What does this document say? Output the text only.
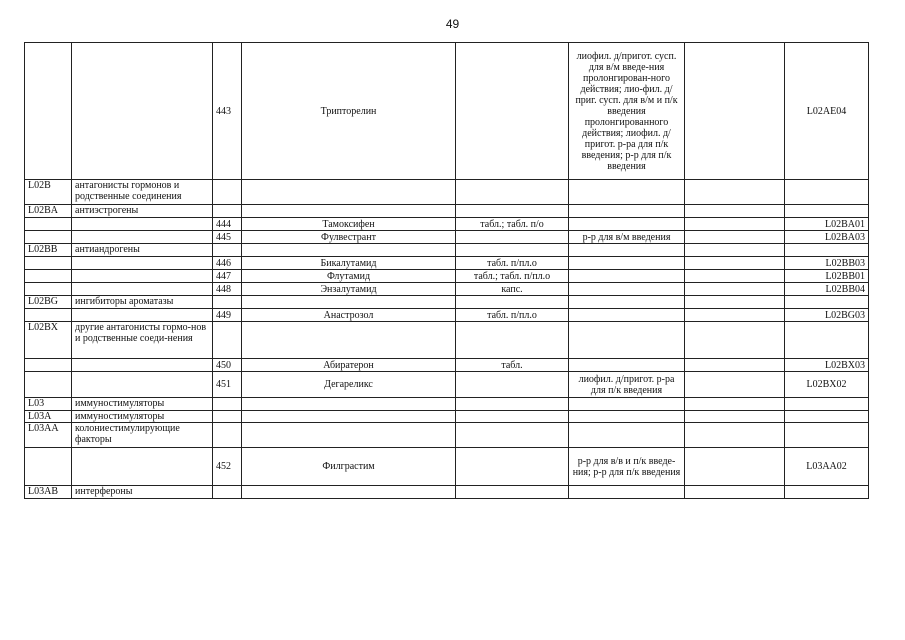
49
		443	Трипторелин		лиофил. д/пригот. сусп. для в/м введе-ния пролонгирован-ного действия; лио-фил. д/приг. сусп. для в/м и п/к введения пролонгированного действия; лиофил. д/пригот. р-ра для п/к введения; р-р для п/к введения		L02AE04
L02B	антагонисты гормонов и родственные соединения						
L02BA	антиэстрогены						
		444	Тамоксифен	табл.; табл. п/о			L02BA01
		445	Фулвестрант		р-р для в/м введения		L02BA03
L02BB	антиандрогены						
		446	Бикалутамид	табл. п/пл.о			L02BB03
		447	Флутамид	табл.; табл. п/пл.о			L02BB01
		448	Энзалутамид	капс.			L02BB04
L02BG	ингибиторы ароматазы						
		449	Анастрозол	табл. п/пл.о			L02BG03
L02BX	другие антагонисты гормо-нов и родственные соеди-нения						
		450	Абиратерон	табл.			L02BX03
		451	Дегареликс		лиофил. д/пригот. р-ра для п/к введения		L02BX02
L03	иммуностимуляторы						
L03A	иммуностимуляторы						
L03AA	колониестимулирующие факторы						
		452	Филграстим		р-р для в/в и п/к введе-ния; р-р для п/к введения		L03AA02
L03AB	интерфероны						
